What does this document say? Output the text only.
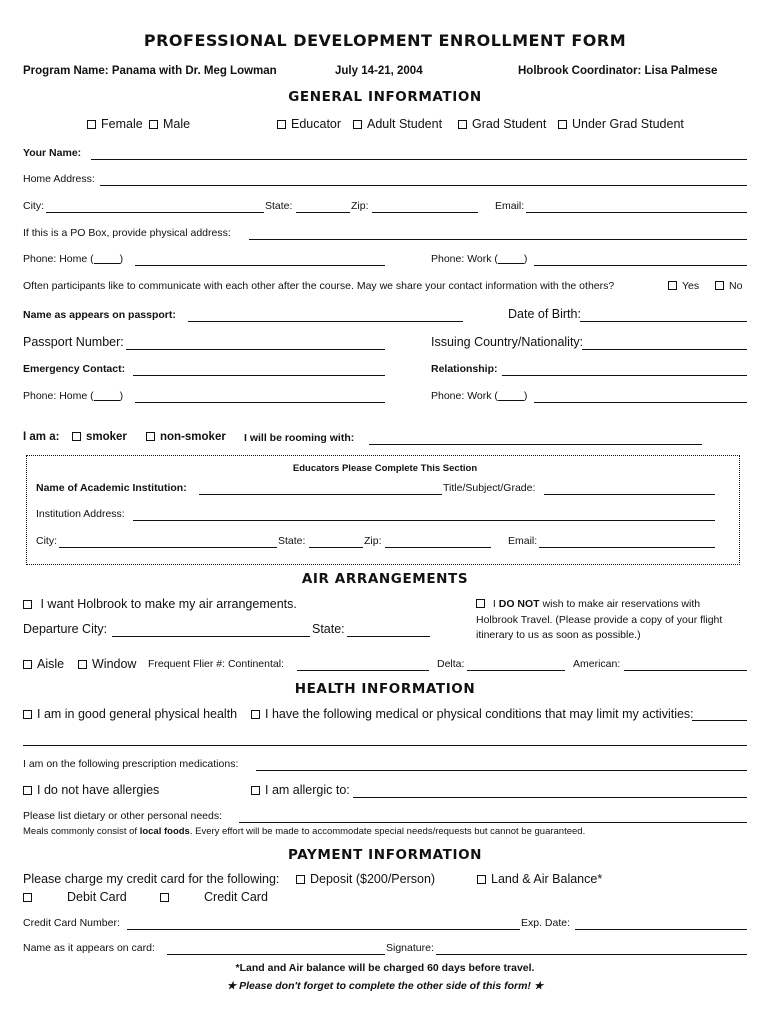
PROFESSIONAL DEVELOPMENT ENROLLMENT FORM
Program Name: Panama with Dr. Meg Lowman	July 14-21, 2004	Holbrook Coordinator: Lisa Palmese
GENERAL INFORMATION
Female	Male	Educator	Adult Student	Grad Student	Under Grad Student
Your Name:
Home Address:
City:	State:	Zip:	Email:
If this is a PO Box, provide physical address:
Phone: Home ( )	Phone: Work ( )
Often participants like to communicate with each other after the course. May we share your contact information with the others?	Yes	No
Name as appears on passport:	Date of Birth:
Passport Number:	Issuing Country/Nationality:
Emergency Contact:	Relationship:
Phone: Home ( )	Phone: Work ( )
I am a:	smoker	non-smoker I will be rooming with:
Educators Please Complete This Section
Name of Academic Institution:	Title/Subject/Grade:
Institution Address:
City:	State:	Zip:	Email:
AIR ARRANGEMENTS
I want Holbrook to make my air arrangements.	I DO NOT wish to make air reservations with
Holbrook Travel. (Please provide a copy of your flight
itinerary to us as soon as possible.)
Departure City:	State:
Aisle	Window Frequent Flier #: Continental:	Delta:	American:
HEALTH INFORMATION
I am in good general physical health	I have the following medical or physical conditions that may limit my activities:
I am on the following prescription medications:
I do not have allergies	I am allergic to:
Please list dietary or other personal needs:
Meals commonly consist of local foods. Every effort will be made to accommodate special needs/requests but cannot be guaranteed.
PAYMENT INFORMATION
Please charge my credit card for the following:	Deposit ($200/Person)	Land & Air Balance*
Debit Card	Credit Card
Credit Card Number:	Exp. Date:
Name as it appears on card:	Signature:
*Land and Air balance will be charged 60 days before travel.
★ Please don't forget to complete the other side of this form! ★
